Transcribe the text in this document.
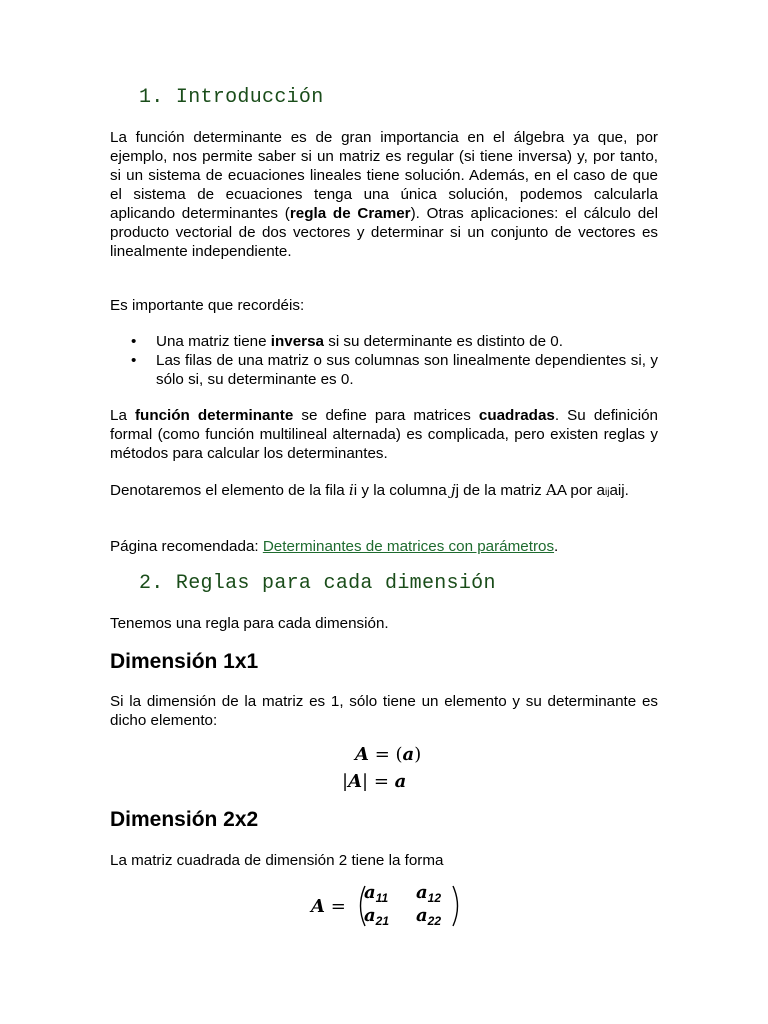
1. Introducción

La función determinante es de gran importancia en el álgebra ya que, por ejemplo, nos permite saber si un matriz es regular (si tiene inversa) y, por tanto, si un sistema de ecuaciones lineales tiene solución. Además, en el caso de que el sistema de ecuaciones tenga una única solución, podemos calcularla aplicando determinantes (regla de Cramer). Otras aplicaciones: el cálculo del producto vectorial de dos vectores y determinar si un conjunto de vectores es linealmente independiente.

Es importante que recordéis:

• Una matriz tiene inversa si su determinante es distinto de 0.
• Las filas de una matriz o sus columnas son linealmente dependientes si, y sólo si, su determinante es 0.

La función determinante se define para matrices cuadradas. Su definición formal (como función multilineal alternada) es complicada, pero existen reglas y métodos para calcular los determinantes.

Denotaremos el elemento de la fila ii y la columna jj de la matriz AA por aijaij.

Página recomendada: Determinantes de matrices con parámetros.

2. Reglas para cada dimensión

Tenemos una regla para cada dimensión.

Dimensión 1x1

Si la dimensión de la matriz es 1, sólo tiene un elemento y su determinante es dicho elemento:

A = (a)
|A| = a
Dimensión 2x2

La matriz cuadrada de dimensión 2 tiene la forma

A =
$a_{11}$ $a_{12}$
$a_{21}$ $a_{22}$
